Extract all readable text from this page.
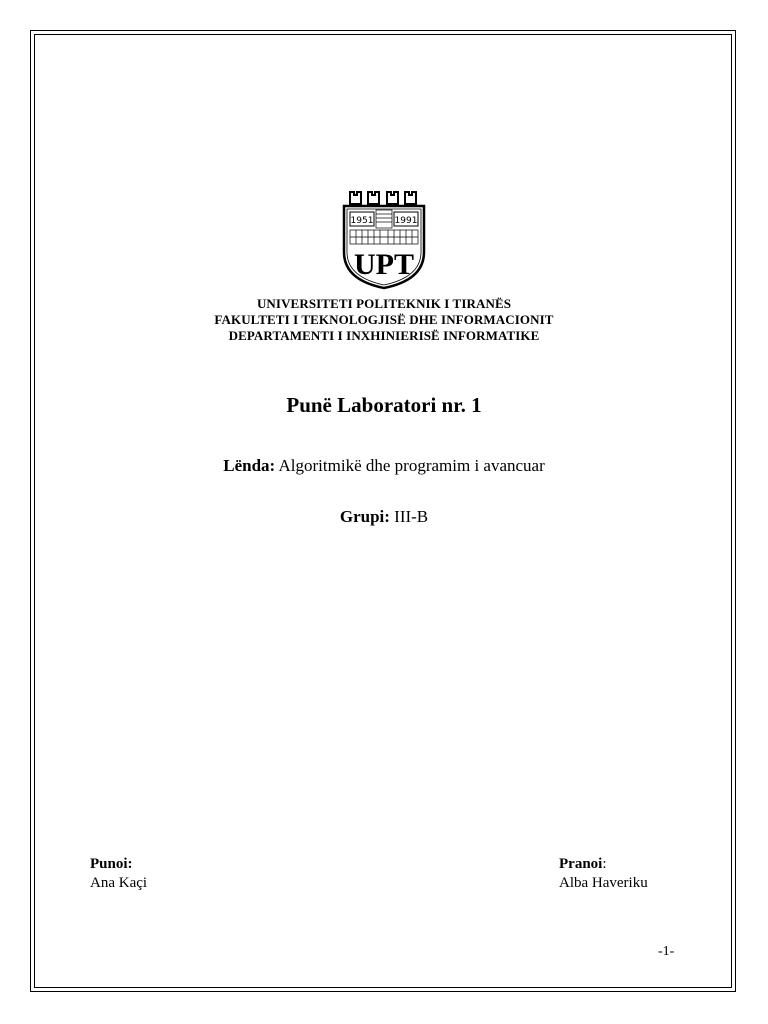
1951 1991
UPT
UNIVERSITETI POLITEKNIK I TIRANËS
FAKULTETI I TEKNOLOGJISË DHE INFORMACIONIT
DEPARTAMENTI I INXHINIERISË INFORMATIKE
Punë Laboratori nr. 1
Lënda: Algoritmikë dhe programim i avancuar
Grupi: III-B
Punoi:
Ana Kaçi
Pranoi:
Alba Haveriku
-1-
